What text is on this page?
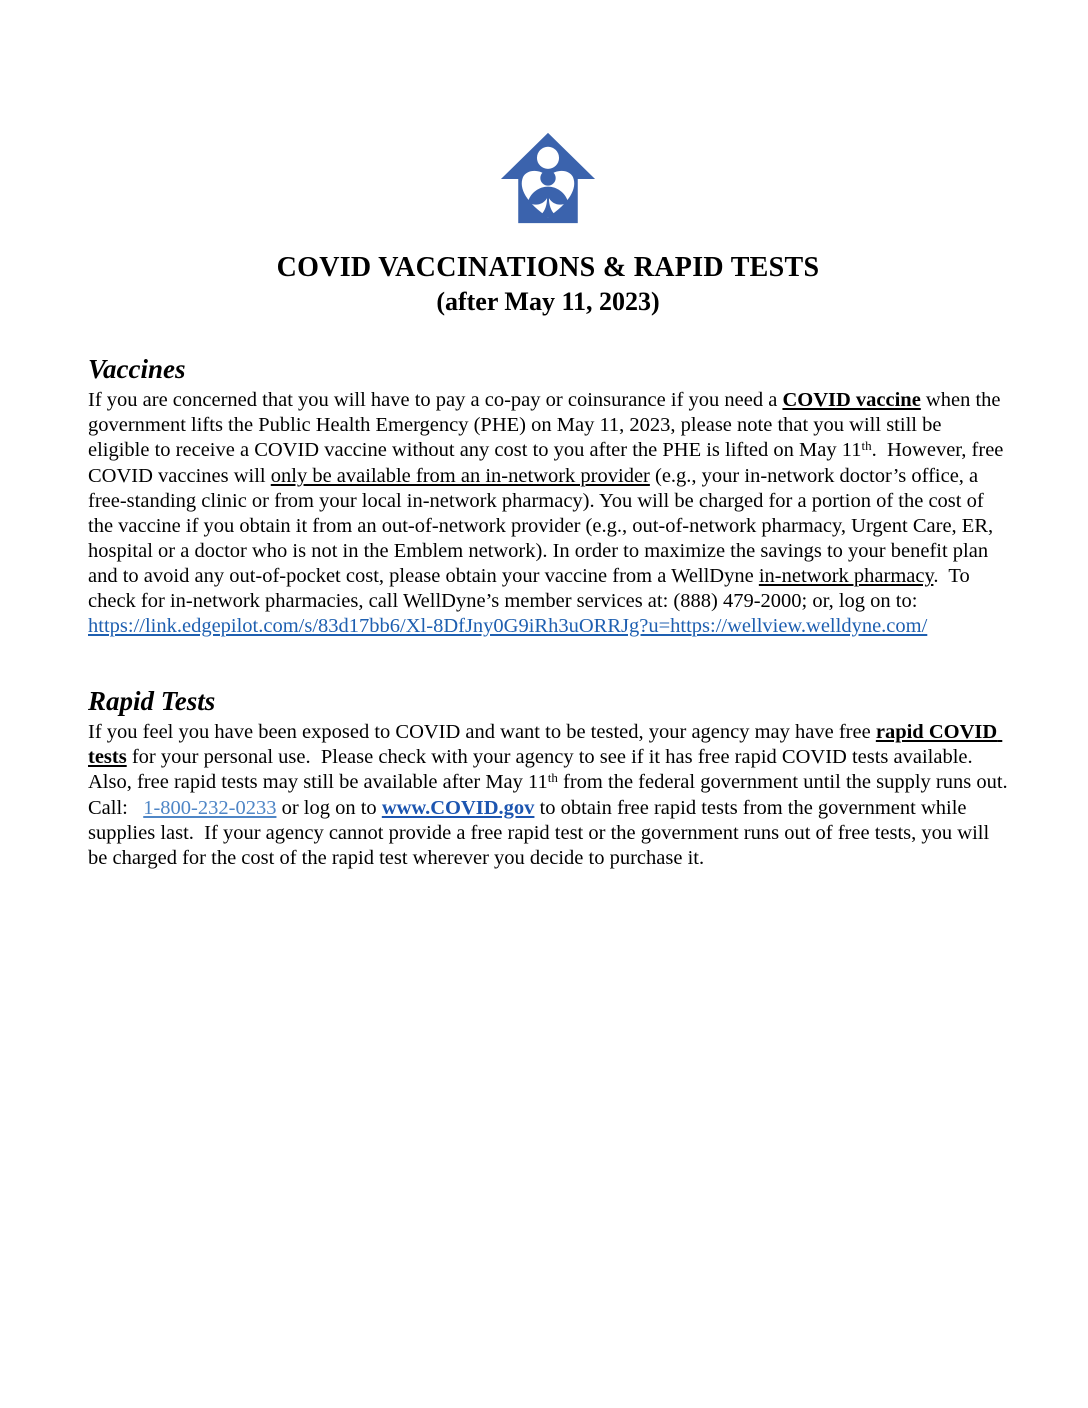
COVID VACCINATIONS & RAPID TESTS
(after May 11, 2023)
Vaccines

If you are concerned that you will have to pay a co-pay or coinsurance if you need a COVID vaccine when the government lifts the Public Health Emergency (PHE) on May 11, 2023, please note that you will still be eligible to receive a COVID vaccine without any cost to you after the PHE is lifted on May 11th.  However, free COVID vaccines will only be available from an in-network provider (e.g., your in-network doctor’s office, a free-standing clinic or from your local in-network pharmacy). You will be charged for a portion of the cost of the vaccine if you obtain it from an out-of-network provider (e.g., out-of-network pharmacy, Urgent Care, ER, hospital or a doctor who is not in the Emblem network). In order to maximize the savings to your benefit plan and to avoid any out-of-pocket cost, please obtain your vaccine from a WellDyne in-network pharmacy.  To check for in-network pharmacies, call WellDyne’s member services at: (888) 479-2000; or, log on to: https://link.edgepilot.com/s/83d17bb6/Xl-8DfJny0G9iRh3uORRJg?u=https://wellview.welldyne.com/

Rapid Tests

If you feel you have been exposed to COVID and want to be tested, your agency may have free rapid COVID tests for your personal use.  Please check with your agency to see if it has free rapid COVID tests available.  Also, free rapid tests may still be available after May 11th from the federal government until the supply runs out.  Call:   1-800-232-0233 or log on to www.COVID.gov to obtain free rapid tests from the government while supplies last.  If your agency cannot provide a free rapid test or the government runs out of free tests, you will be charged for the cost of the rapid test wherever you decide to purchase it.
